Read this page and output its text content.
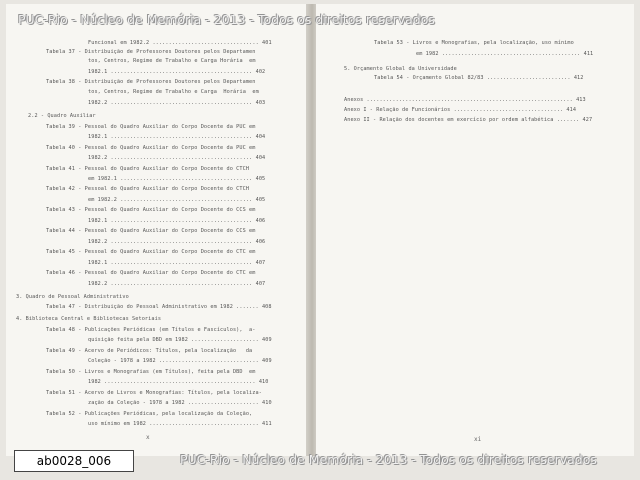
Funcional em 1982.2 ................................. 401
Tabela 37 - Distribuição de Professores Doutores pelos Departamen
tos, Centros, Regime de Trabalho e Carga Horária  em
1982.1 ............................................ 402
Tabela 38 - Distribuição de Professores Doutores pelos Departamen
tos, Centros, Regime de Trabalho e Carga  Horária  em
1982.2 ............................................ 403
2.2 - Quadro Auxiliar
Tabela 39 - Pessoal do Quadro Auxiliar do Corpo Docente da PUC em
1982.1 ............................................ 404
Tabela 40 - Pessoal do Quadro Auxiliar do Corpo Docente da PUC em
1982.2 ............................................ 404
Tabela 41 - Pessoal do Quadro Auxiliar do Corpo Docente do CTCH
em 1982.1 ......................................... 405
Tabela 42 - Pessoal do Quadro Auxiliar do Corpo Docente do CTCH
em 1982.2 ......................................... 405
Tabela 43 - Pessoal do Quadro Auxiliar do Corpo Docente do CCS em
1982.1 ............................................ 406
Tabela 44 - Pessoal do Quadro Auxiliar do Corpo Docente do CCS em
1982.2 ............................................ 406
Tabela 45 - Pessoal do Quadro Auxiliar do Corpo Docente do CTC em
1982.1 ............................................ 407
Tabela 46 - Pessoal do Quadro Auxiliar do Corpo Docente do CTC em
1982.2 ............................................ 407
3. Quadro de Pessoal Administrativo
Tabela 47 - Distribuição do Pessoal Administrativo em 1982 ....... 408
4. Biblioteca Central e Bibliotecas Setoriais
Tabela 48 - Publicações Periódicas (em Títulos e Fascículos),  a-
quisição feita pela DBD em 1982 ..................... 409
Tabela 49 - Acervo de Periódicos: Títulos, pela localização   da
Coleção - 1978 a 1982 ............................... 409
Tabela 50 - Livros e Monografias (em Títulos), feita pela DBD  em
1982 ............................................... 410
Tabela 51 - Acervo de Livros e Monografias: Títulos, pela localiza-
zação da Coleção - 1978 a 1982 ...................... 410
Tabela 52 - Publicações Periódicas, pela localização da Coleção,
uso mínimo em 1982 .................................. 411
x
Tabela 53 - Livros e Monografias, pela localização, uso mínimo
em 1982 ........................................... 411
5. Orçamento Global da Universidade
Tabela 54 - Orçamento Global 82/83 .......................... 412
Anexos ................................................................ 413
Anexo I - Relação de Funcionários .................................. 414
Anexo II - Relação dos docentes em exercício por ordem alfabética ....... 427
xi
PUC-Rio - Núcleo de Memória - 2013 - Todos os direitos reservados
PUC-Rio - Núcleo de Memória - 2013 - Todos os direitos reservados
ab0028_006
